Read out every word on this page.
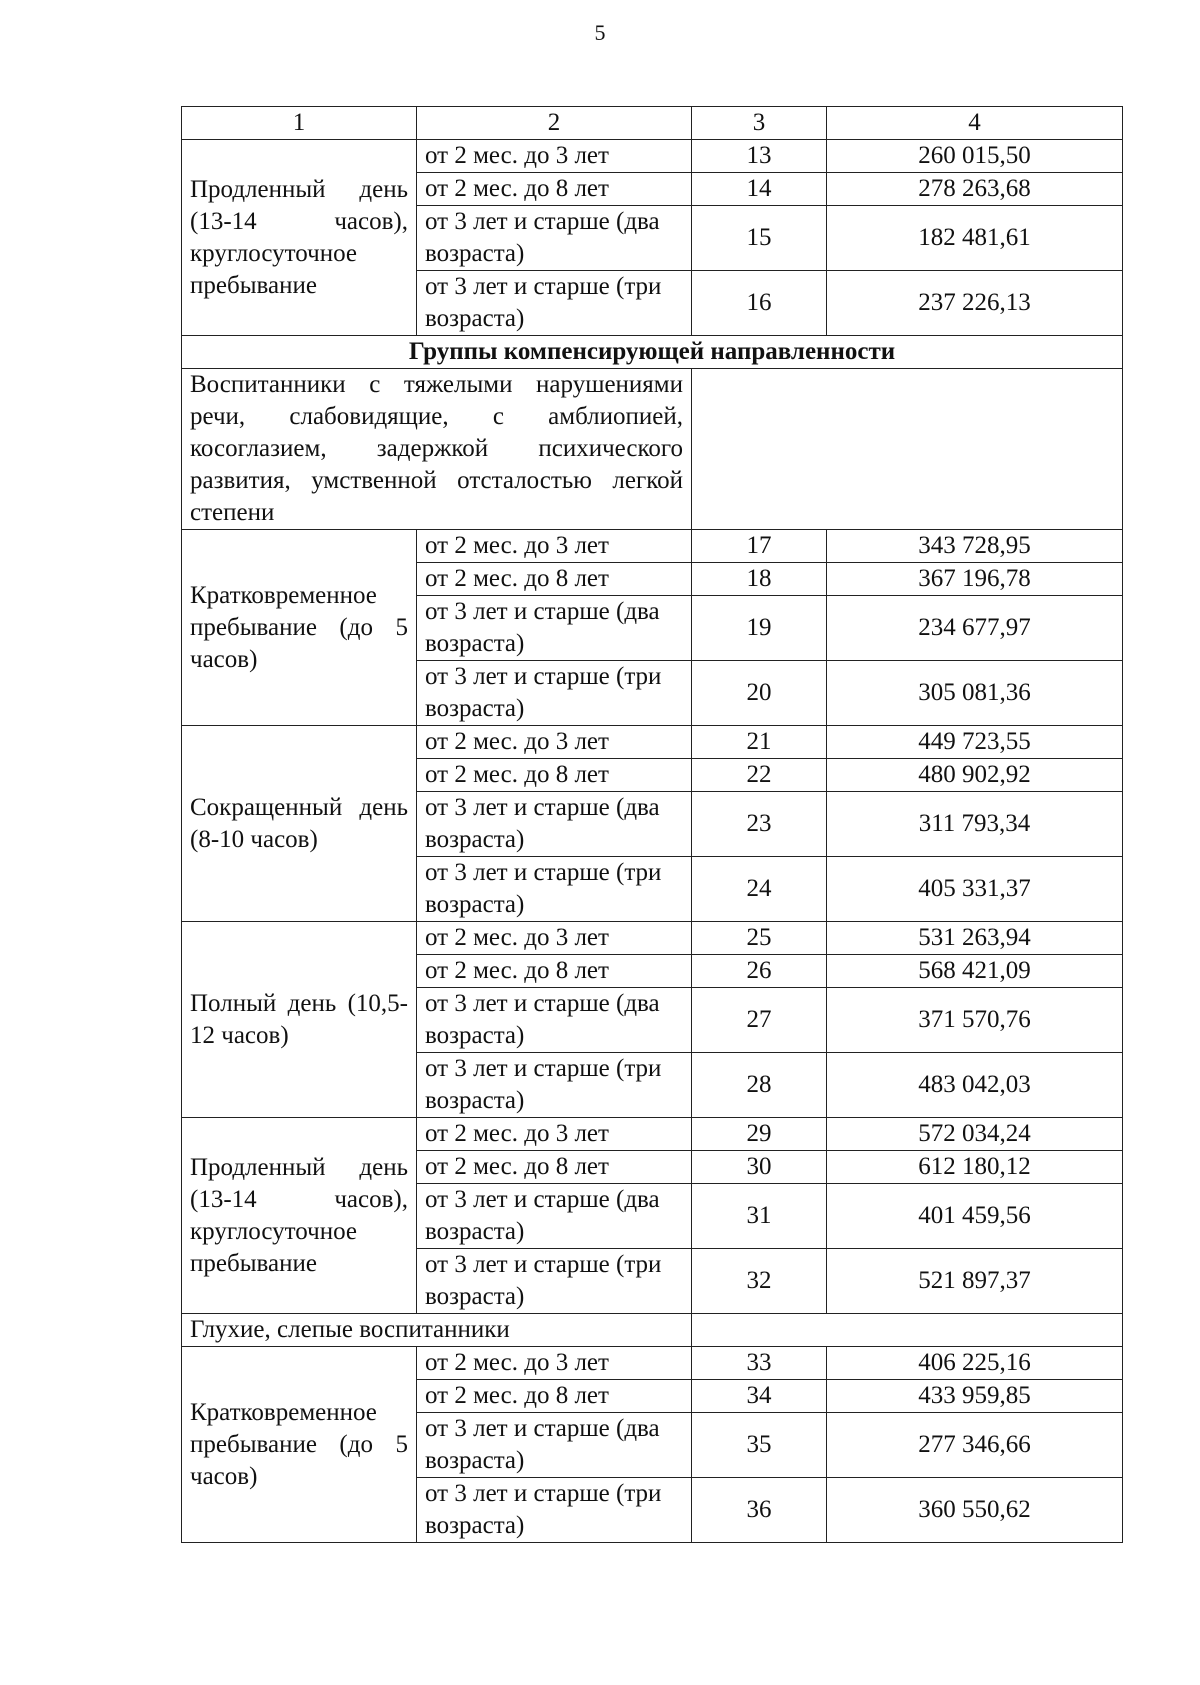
5
1	2	3	4
Продленный день (13-14 часов), круглосуточное пребывание	от 2 мес. до 3 лет	13	260 015,50
	от 2 мес. до 8 лет	14	278 263,68
	от 3 лет и старше (два возраста)	15	182 481,61
	от 3 лет и старше (три возраста)	16	237 226,13
Группы компенсирующей направленности			
Воспитанники с тяжелыми нарушениями речи, слабовидящие, с амблиопией, косоглазием, задержкой психического развития, умственной отсталостью легкой степени			
Кратковременное пребывание (до 5 часов)	от 2 мес. до 3 лет	17	343 728,95
	от 2 мес. до 8 лет	18	367 196,78
	от 3 лет и старше (два возраста)	19	234 677,97
	от 3 лет и старше (три возраста)	20	305 081,36
Сокращенный день (8-10 часов)	от 2 мес. до 3 лет	21	449 723,55
	от 2 мес. до 8 лет	22	480 902,92
	от 3 лет и старше (два возраста)	23	311 793,34
	от 3 лет и старше (три возраста)	24	405 331,37
Полный день (10,5-12 часов)	от 2 мес. до 3 лет	25	531 263,94
	от 2 мес. до 8 лет	26	568 421,09
	от 3 лет и старше (два возраста)	27	371 570,76
	от 3 лет и старше (три возраста)	28	483 042,03
Продленный день (13-14 часов), круглосуточное пребывание	от 2 мес. до 3 лет	29	572 034,24
	от 2 мес. до 8 лет	30	612 180,12
	от 3 лет и старше (два возраста)	31	401 459,56
	от 3 лет и старше (три возраста)	32	521 897,37
Глухие, слепые воспитанники			
Кратковременное пребывание (до 5 часов)	от 2 мес. до 3 лет	33	406 225,16
	от 2 мес. до 8 лет	34	433 959,85
	от 3 лет и старше (два возраста)	35	277 346,66
	от 3 лет и старше (три возраста)	36	360 550,62
